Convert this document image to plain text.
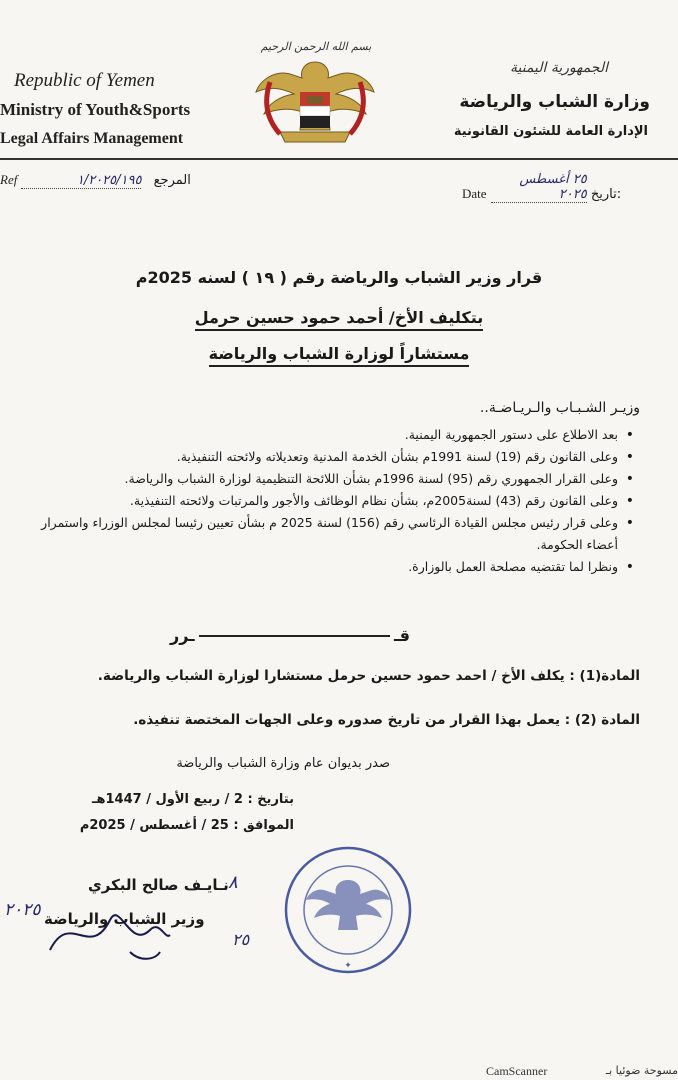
بسم الله الرحمن الرحيم
Republic of Yemen
Ministry of Youth&Sports
Legal Affairs Management
الجمهورية اليمنية
وزارة الشباب والرياضة
الإدارة العامة للشئون القانونية
Ref	١/٢٠٢٥/١٩٥ المرجع
Date ٢٥ أغسطس ٢٠٢٥ تاريخ:
قرار وزير الشباب والرياضة رقم ( ١٩ ) لسنه 2025م
بتكليف الأخ/ أحمد حمود حسين حرمل
مستشاراً لوزارة الشباب والرياضة
وزيـر الشـبـاب والـريـاضـة..
• بعد الاطلاع على دستور الجمهورية اليمنية.
• وعلى القانون رقم (19) لسنة 1991م بشأن الخدمة المدنية وتعديلاته ولائحته التنفيذية.
• وعلى القرار الجمهوري رقم (95) لسنة 1996م بشأن اللائحة التنظيمية لوزارة الشباب والرياضة.
• وعلى القانون رقم (43) لسنة2005م، بشأن نظام الوظائف والأجور والمرتبات ولائحته التنفيذية.
• وعلى قرار رئيس مجلس القيادة الرئاسي رقم (156) لسنة 2025 م بشأن تعيين رئيسا لمجلس الوزراء واستمرار أعضاء الحكومة.
• ونظرا لما تقتضيه مصلحة العمل بالوزارة.
قـ
ـرر
المادة(1) : يكلف الأخ / احمد حمود حسين حرمل مستشارا لوزارة الشباب والرياضة.
المادة (2) : يعمل بهذا القرار من تاريخ صدوره وعلى الجهات المختصة تنفيذه.
صدر بديوان عام وزارة الشباب والرياضة
بتاريخ : 2 / ربيع الأول / 1447هـ
الموافق : 25 / أغسطس / 2025م
✦
نـايـف صالح البكري
وزير الشباب والرياضة
٢٠٢٥
٢٥
٨
CamScanner	مسوحة ضوئيا بـ
